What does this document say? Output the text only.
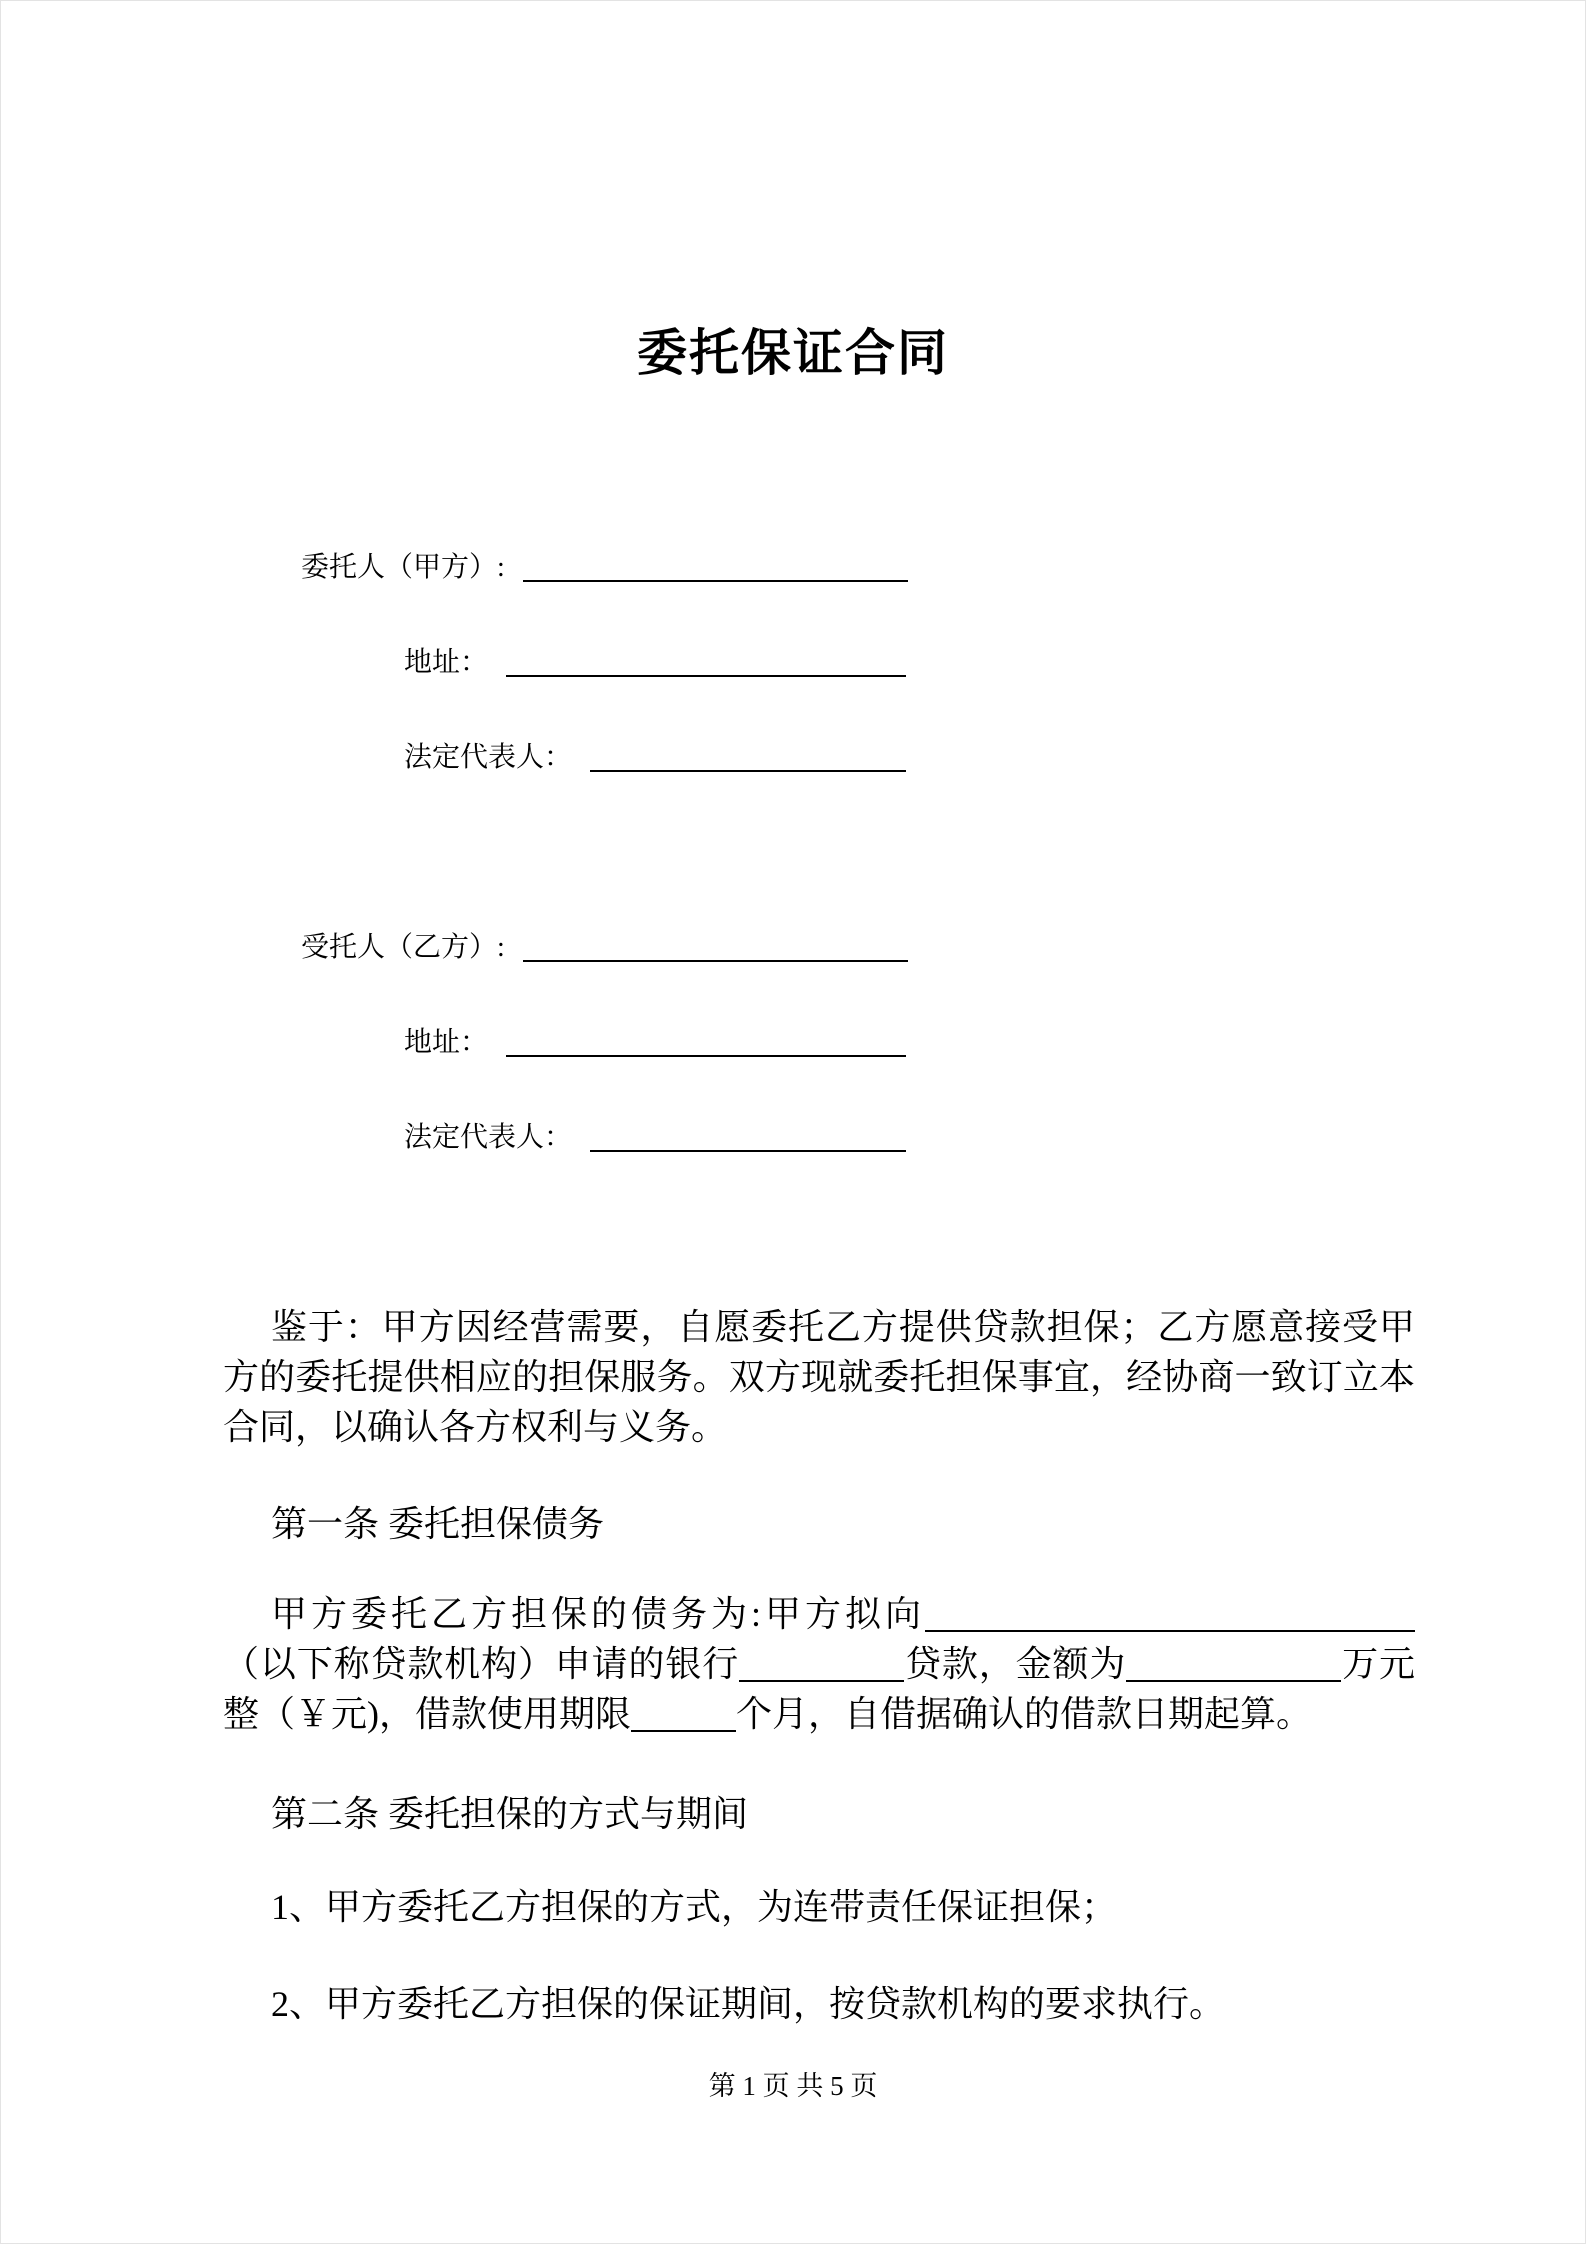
委托保证合同
委托人（甲方）:
地址：
法定代表人：
受托人（乙方）:
地址：
法定代表人：

鉴于：甲方因经营需要，自愿委托乙方提供贷款担保；乙方愿意接受甲方的委托提供相应的担保服务。双方现就委托担保事宜，经协商一致订立本合同，以确认各方权利与义务。

第一条 委托担保债务

甲方委托乙方担保的债务为:甲方拟向（以下称贷款机构）申请的银行	贷款，金额为	万元整（￥元)，借款使用期限	个月，自借据确认的借款日期起算。

第二条 委托担保的方式与期间

1、甲方委托乙方担保的方式，为连带责任保证担保；

2、甲方委托乙方担保的保证期间，按贷款机构的要求执行。

第 1 页 共 5 页
